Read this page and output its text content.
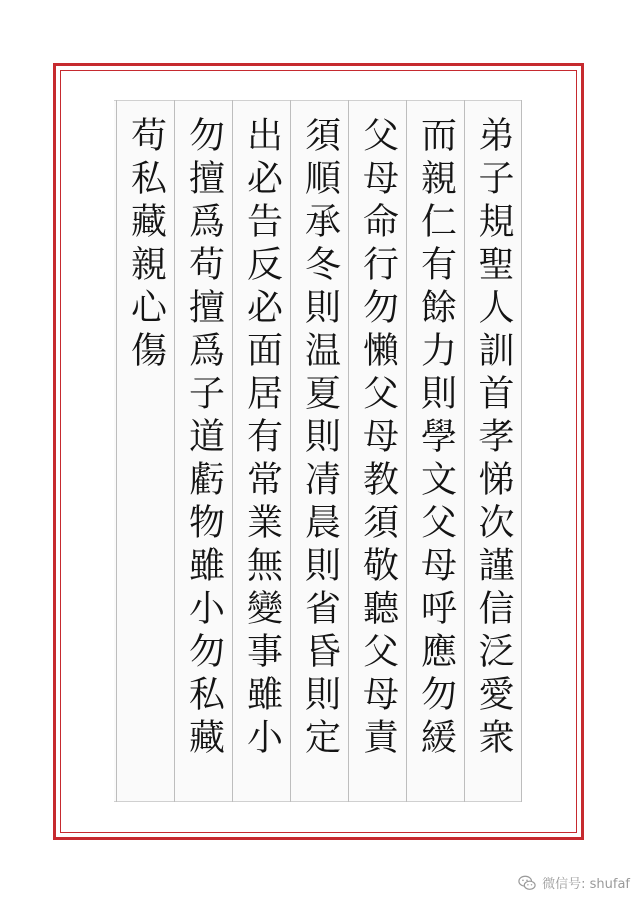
弟子規聖人訓首孝悌次謹信泛愛衆
而親仁有餘力則學文父母呼應勿緩
父母命行勿懶父母教須敬聽父母責
須順承冬則温夏則凊晨則省昏則定
出必告反必面居有常業無變事雖小
勿擅爲苟擅爲子道虧物雖小勿私藏
苟私藏親心傷
微信号: shufaf
